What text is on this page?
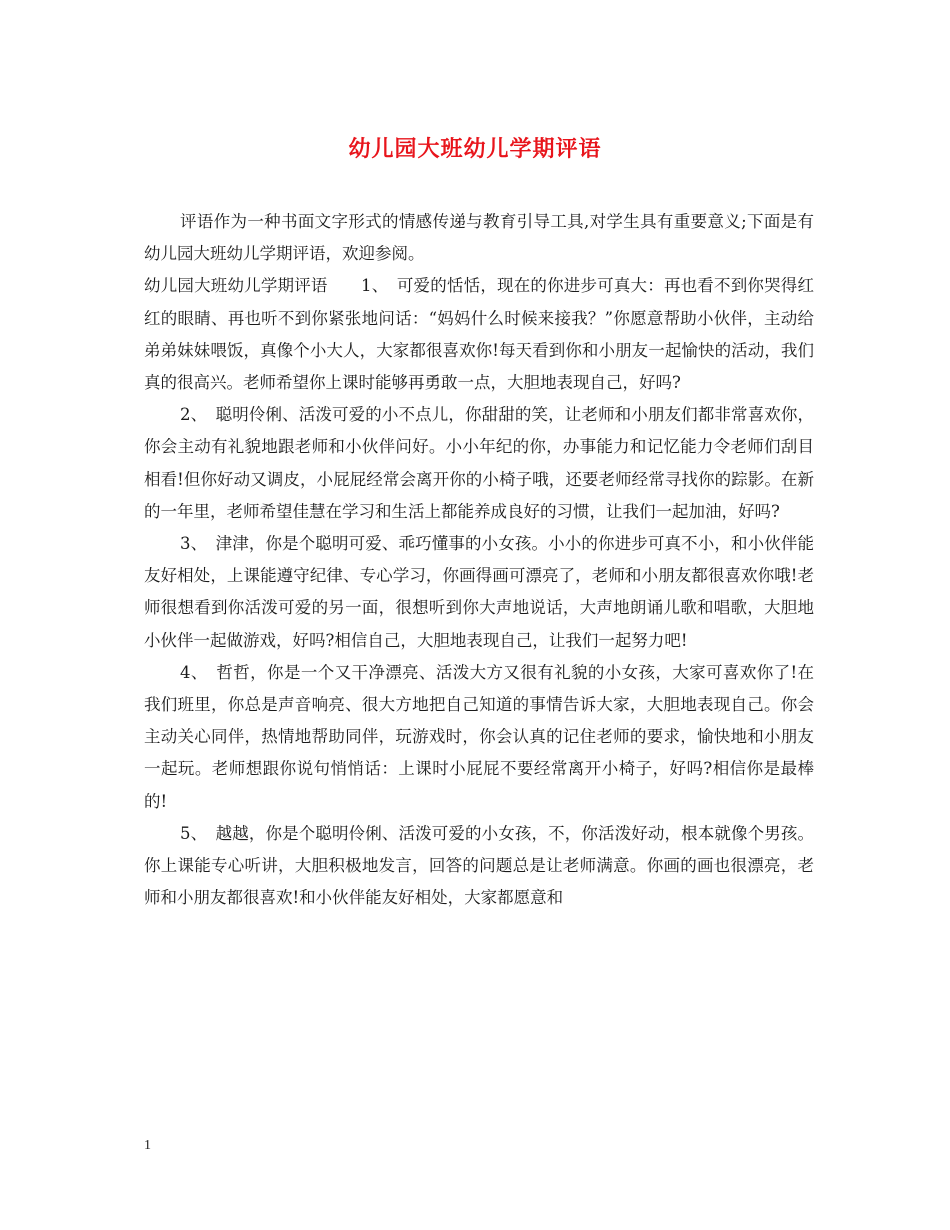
幼儿园大班幼儿学期评语

评语作为一种书面文字形式的情感传递与教育引导工具,对学生具有重要意义;下面是有幼儿园大班幼儿学期评语，欢迎参阅。

幼儿园大班幼儿学期评语　　1、　可爱的恬恬，现在的你进步可真大：再也看不到你哭得红红的眼睛、再也听不到你紧张地问话：“妈妈什么时候来接我？”你愿意帮助小伙伴，主动给弟弟妹妹喂饭，真像个小大人，大家都很喜欢你!每天看到你和小朋友一起愉快的活动，我们真的很高兴。老师希望你上课时能够再勇敢一点，大胆地表现自己，好吗?

2、　聪明伶俐、活泼可爱的小不点儿，你甜甜的笑，让老师和小朋友们都非常喜欢你，你会主动有礼貌地跟老师和小伙伴问好。小小年纪的你，办事能力和记忆能力令老师们刮目相看!但你好动又调皮，小屁屁经常会离开你的小椅子哦，还要老师经常寻找你的踪影。在新的一年里，老师希望佳慧在学习和生活上都能养成良好的习惯，让我们一起加油，好吗?

3、　津津，你是个聪明可爱、乖巧懂事的小女孩。小小的你进步可真不小，和小伙伴能友好相处，上课能遵守纪律、专心学习，你画得画可漂亮了，老师和小朋友都很喜欢你哦!老师很想看到你活泼可爱的另一面，很想听到你大声地说话，大声地朗诵儿歌和唱歌，大胆地小伙伴一起做游戏，好吗?相信自己，大胆地表现自己，让我们一起努力吧!

4、　哲哲，你是一个又干净漂亮、活泼大方又很有礼貌的小女孩，大家可喜欢你了!在我们班里，你总是声音响亮、很大方地把自己知道的事情告诉大家，大胆地表现自己。你会主动关心同伴，热情地帮助同伴，玩游戏时，你会认真的记住老师的要求，愉快地和小朋友一起玩。老师想跟你说句悄悄话：上课时小屁屁不要经常离开小椅子，好吗?相信你是最棒的!

5、　越越，你是个聪明伶俐、活泼可爱的小女孩，不，你活泼好动，根本就像个男孩。你上课能专心听讲，大胆积极地发言，回答的问题总是让老师满意。你画的画也很漂亮，老师和小朋友都很喜欢!和小伙伴能友好相处，大家都愿意和

1
